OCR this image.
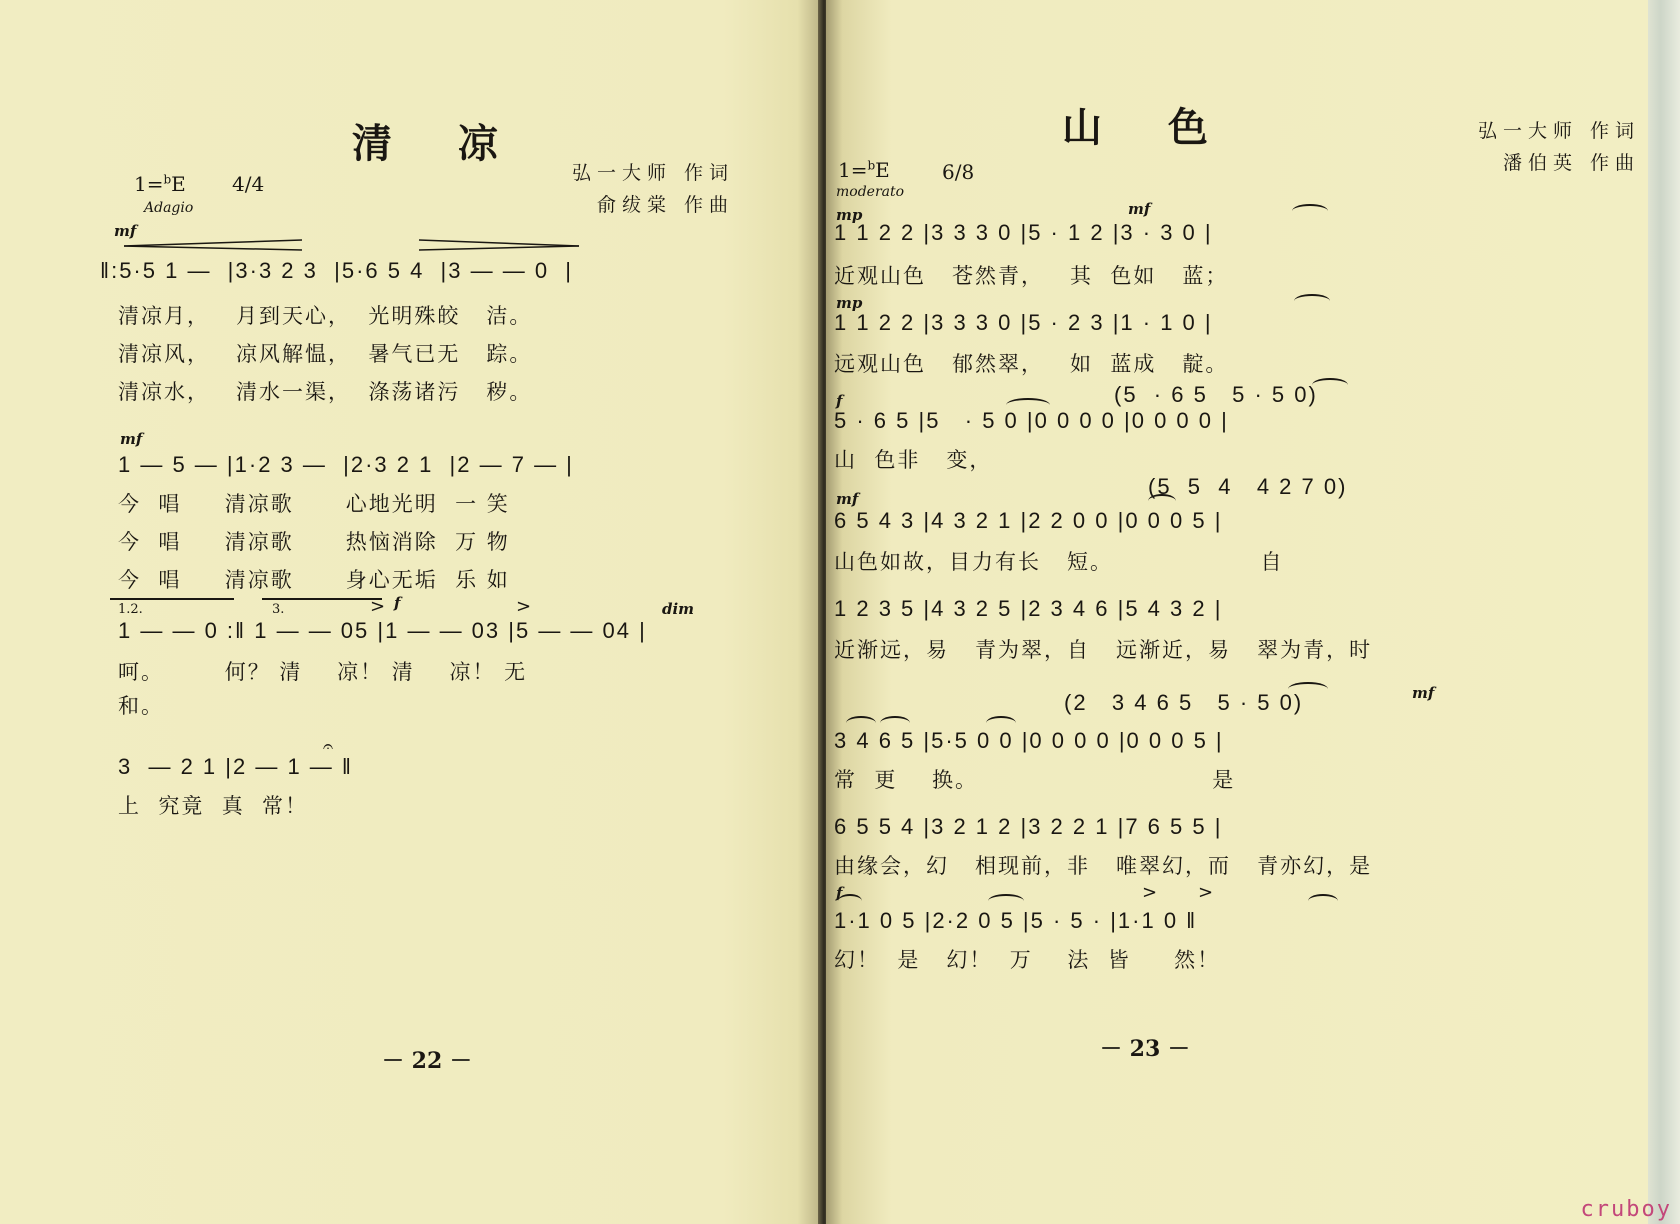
清 凉
弘一大师 作词
俞绂棠 作曲
1=$^b$E 4/4
Adagio
mf
‖:5·5 1 —  |3·3 2 3  |5·6 5 4  |3 — — 0  |
清凉月，   月到天心，  光明殊皎   洁。
清凉风，   凉风解愠，  暑气已无   踪。
清凉水，   清水一渠，  涤荡诸污   秽。
mf
1 — 5 — |1·2 3 —  |2·3 2 1  |2 — 7 — |
今  唱     清凉歌      心地光明  一 笑
今  唱     清凉歌      热恼消除  万 物
今  唱     清凉歌      身心无垢  乐 如
1.2.	3.	> f	>	dim
1 — — 0 :‖ 1 — — 05 |1 — — 03 |5 — — 04 |
呵。       何？ 清    凉！ 清    凉！ 无
和。
𝄐
3  — 2 1 |2 — 1 — ‖
上  究竟  真  常！
－ 22 －
山 色	弘一大师 作词
潘伯英 作曲
1=$^b$E	6/8
moderato
mp	mf
1 1 2 2 |3 3 3 0 |5 · 1 2 |3 · 3 0 |
近观山色   苍然青，   其  色如   蓝；
mp
1 1 2 2 |3 3 3 0 |5 · 2 3 |1 · 1 0 |
远观山色   郁然翠，   如  蓝成   靛。
(5  · 6 5   5 · 5 0)
f
5 · 6 5 |5   · 5 0 |0 0 0 0 |0 0 0 0 |
山  色非   变，
(5  5  4   4 2 7 0)
mf
6 5 4 3 |4 3 2 1 |2 2 0 0 |0 0 0 5 |
山色如故，目力有长   短。                 自
1 2 3 5 |4 3 2 5 |2 3 4 6 |5 4 3 2 |
近渐远，易   青为翠，自   远渐近，易   翠为青，时
(2   3 4 6 5   5 · 5 0)	mf
3 4 6 5 |5·5 0 0 |0 0 0 0 |0 0 0 5 |
常  更    换。                           是
6 5 5 4 |3 2 1 2 |3 2 2 1 |7 6 5 5 |
由缘会，幻   相现前，非   唯翠幻，而   青亦幻，是
f	> >
1·1 0 5 |2·2 0 5 |5 · 5 · |1·1 0 ‖
幻！  是   幻！  万    法  皆     然！
－ 23 －
cruboy
